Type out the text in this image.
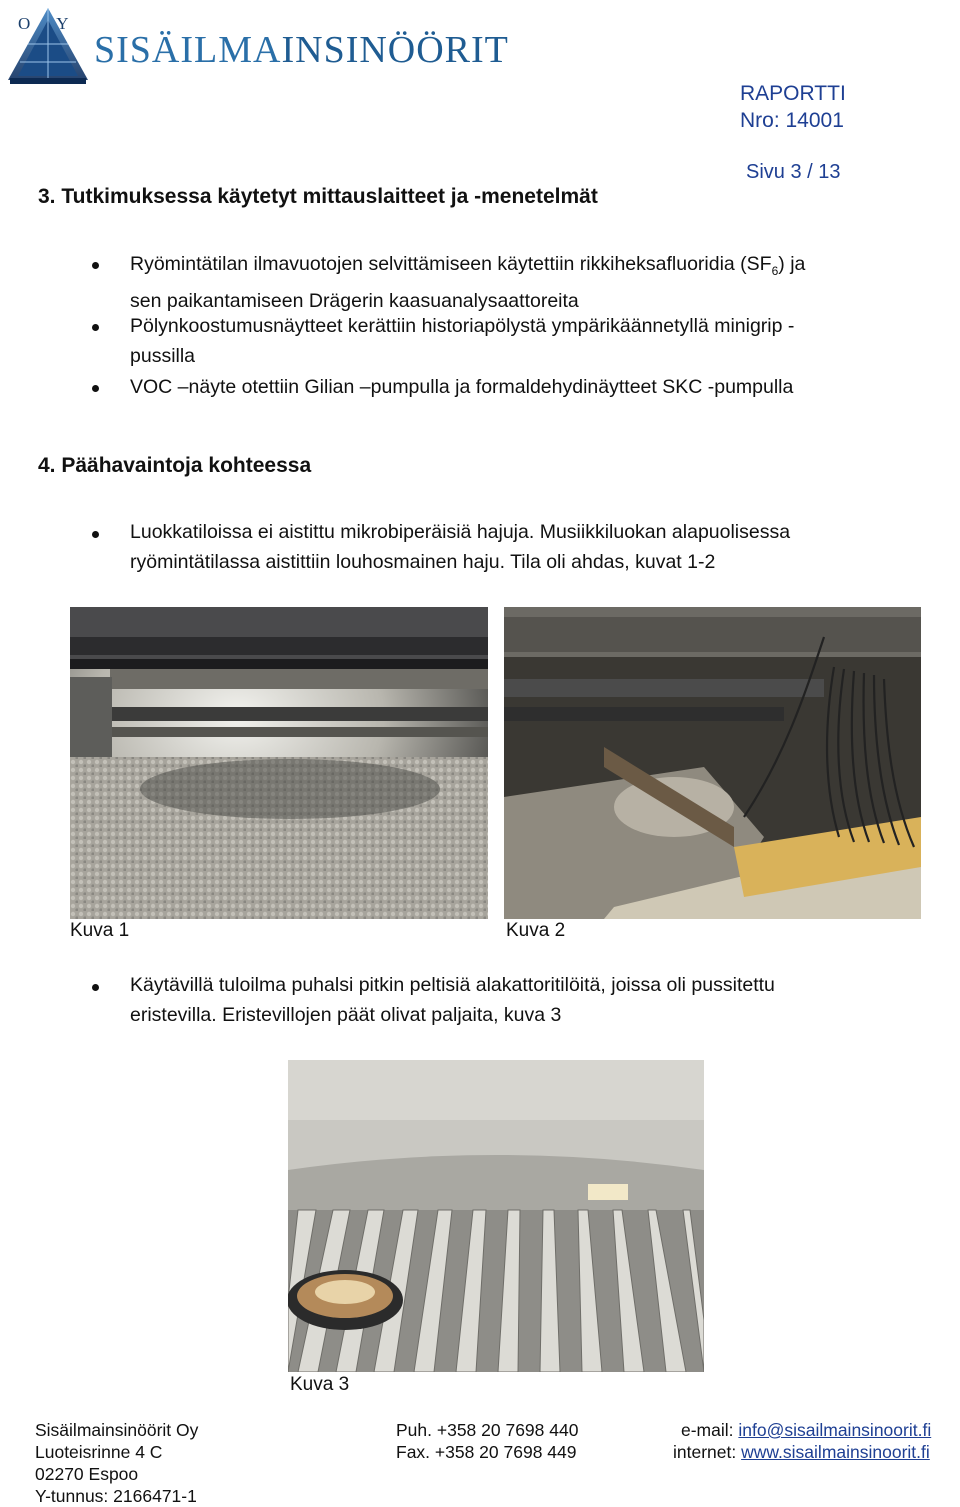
OY
SISÄILMAINSINÖÖRIT
RAPORTTI
Nro: 14001
Sivu 3 / 13
3. Tutkimuksessa käytetyt mittauslaitteet ja -menetelmät
Ryömintätilan ilmavuotojen selvittämiseen käytettiin rikkiheksafluoridia $(SF_6)$ ja
sen paikantamiseen Drägerin kaasuanalysaattoreita
Pölynkoostumusnäytteet kerättiin historiapölystä ympärikäännetyllä minigrip -
pussilla
VOC –näyte otettiin Gilian –pumpulla ja formaldehydinäytteet SKC -pumpulla
4. Päähavaintoja kohteessa
Luokkatiloissa ei aistittu mikrobiperäisiä hajuja. Musiikkiluokan alapuolisessa
ryömintätilassa aistittiin louhosmainen haju. Tila oli ahdas, kuvat 1-2
Kuva 1	Kuva 2
Käytävillä tuloilma puhalsi pitkin peltisiä alakattoritilöitä, joissa oli pussitettu
eristevilla. Eristevillojen päät olivat paljaita, kuva 3
Kuva 3
Sisäilmainsinöörit Oy
Luoteisrinne 4 C
02270 Espoo
Y-tunnus: 2166471-1
Puh. +358 20 7698 440
Fax. +358 20 7698 449
e-mail: info@sisailmainsinoorit.fi
internet: www.sisailmainsinoorit.fi
